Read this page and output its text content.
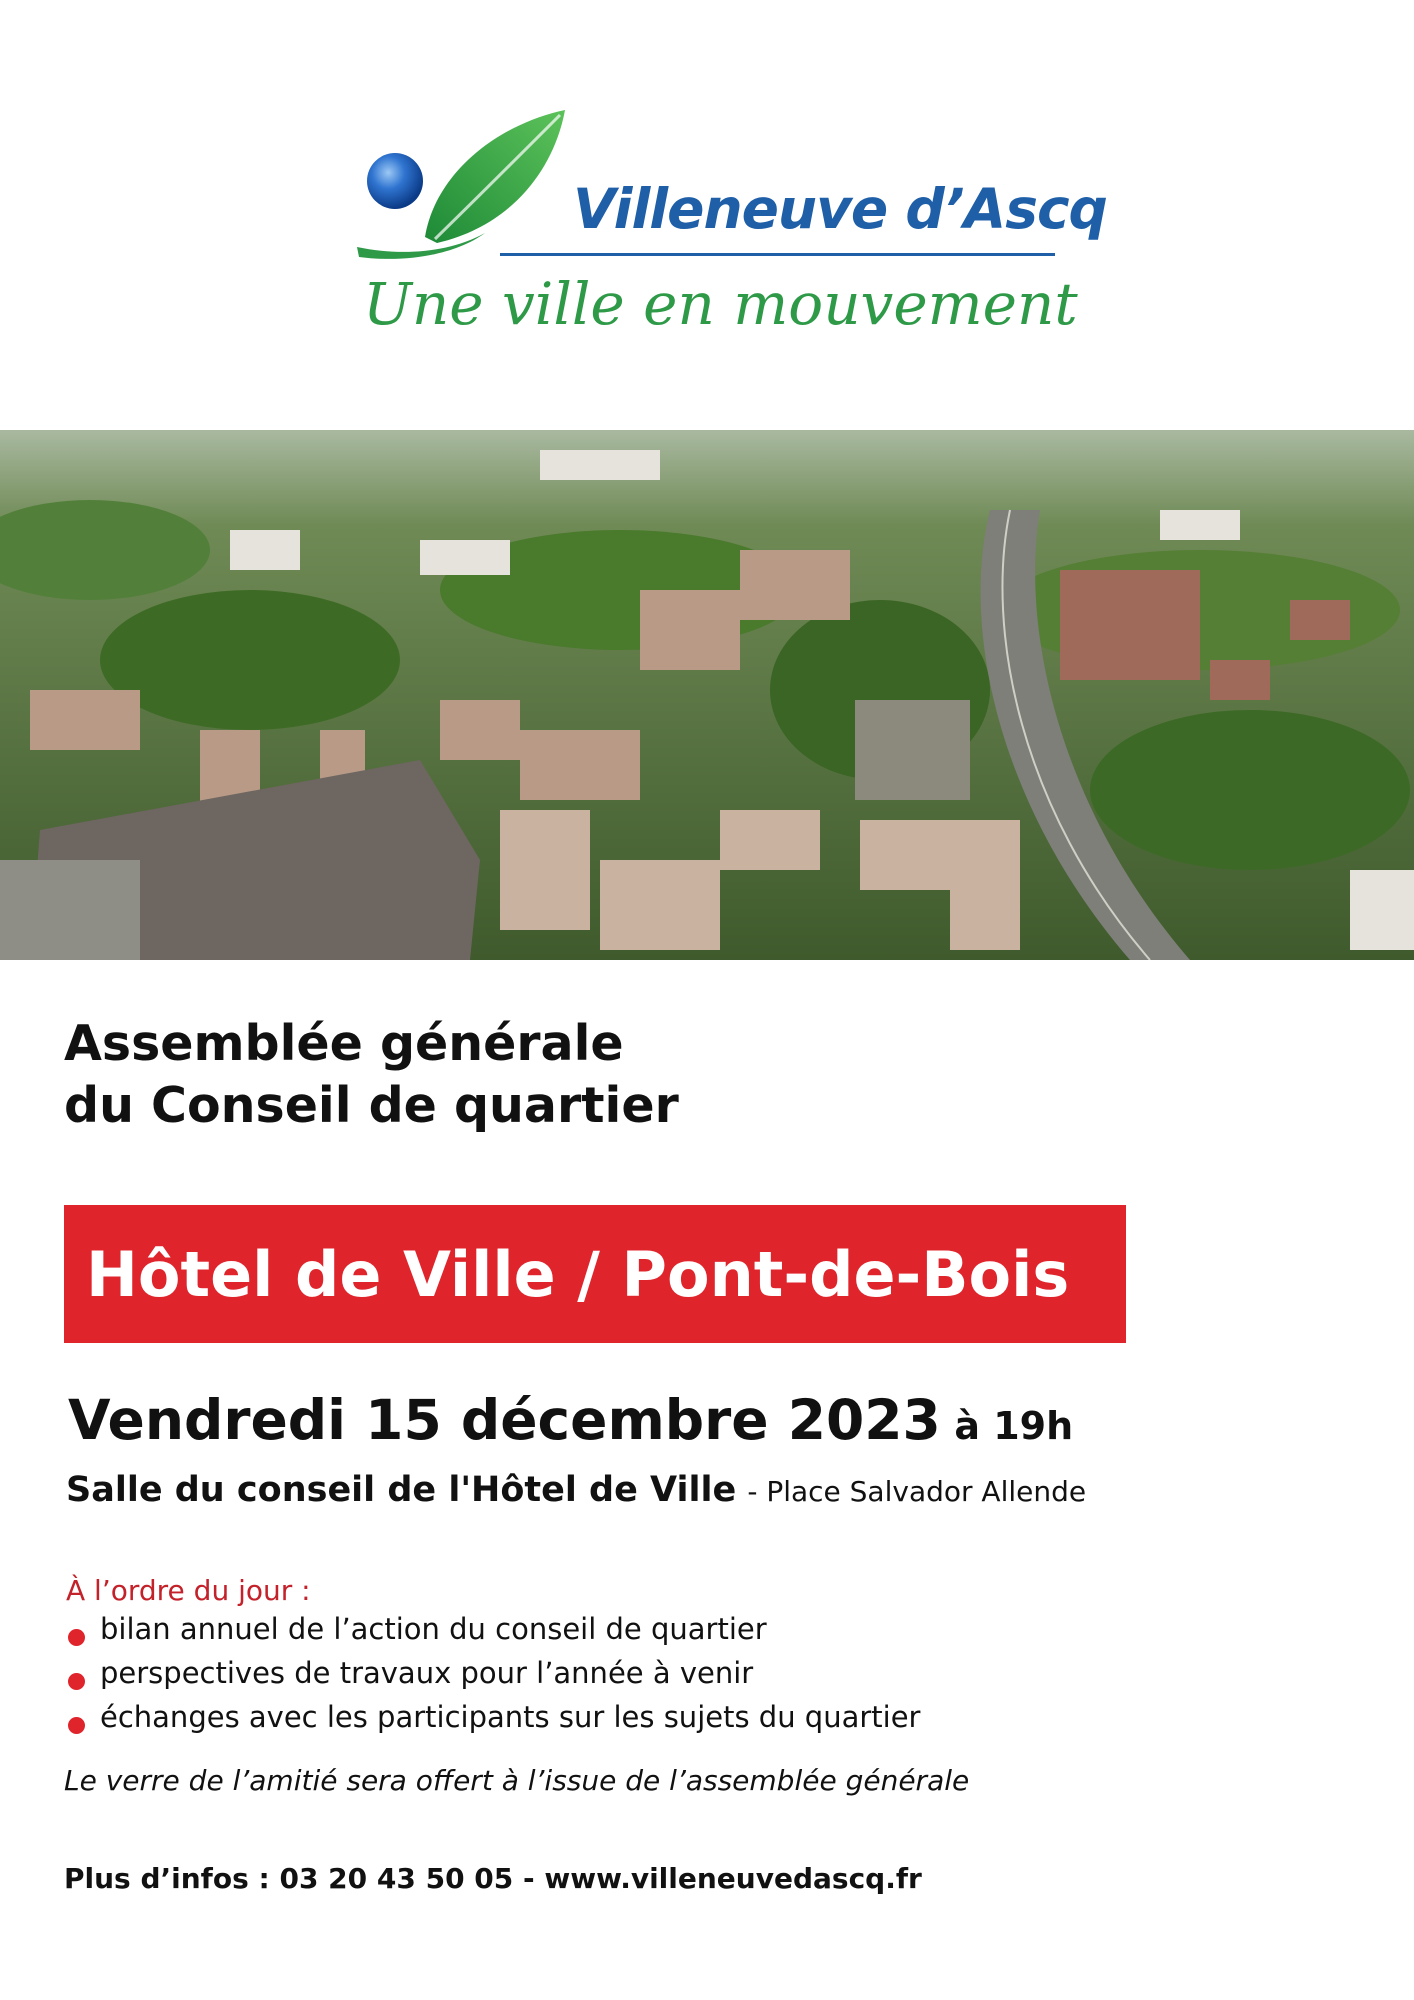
Villeneuve d’Ascq

Une ville en mouvement

Assemblée générale
du Conseil de quartier
Hôtel de Ville / Pont-de-Bois
Vendredi 15 décembre 2023 à 19h
Salle du conseil de l'Hôtel de Ville - Place Salvador Allende

À l’ordre du jour :

bilan annuel de l’action du conseil de quartier
perspectives de travaux pour l’année à venir
échanges avec les participants sur les sujets du quartier

Le verre de l’amitié sera offert à l’issue de l’assemblée générale

Plus d’infos : 03 20 43 50 05 - www.villeneuvedascq.fr
